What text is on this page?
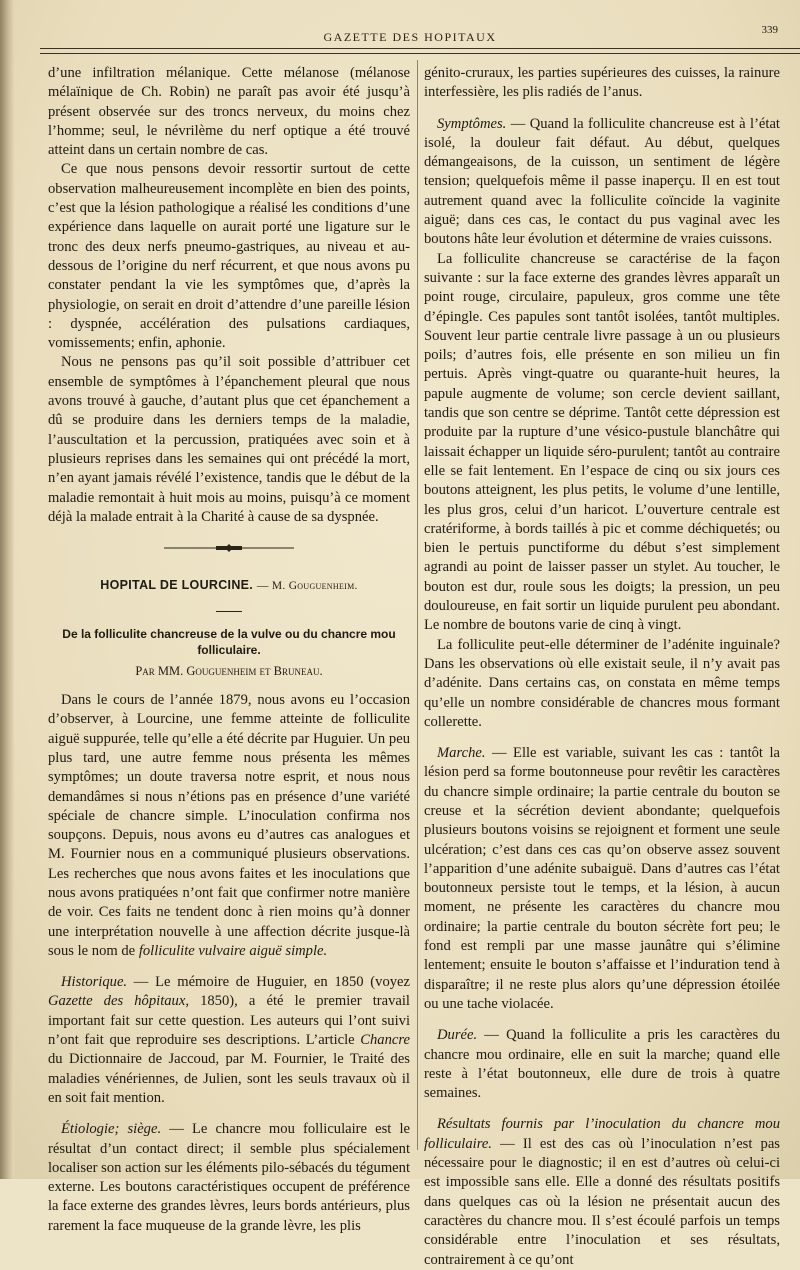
GAZETTE DES HOPITAUX	339

d’une infiltration mélanique. Cette mélanose (mélanose mélaïnique de Ch. Robin) ne paraît pas avoir été jusqu’à présent observée sur des troncs nerveux, du moins chez l’homme; seul, le névrilème du nerf optique a été trouvé atteint dans un certain nombre de cas.

Ce que nous pensons devoir ressortir surtout de cette observation malheureusement incomplète en bien des points, c’est que la lésion pathologique a réalisé les conditions d’une expérience dans laquelle on aurait porté une ligature sur le tronc des deux nerfs pneumo-gastriques, au niveau et au-dessous de l’origine du nerf récurrent, et que nous avons pu constater pendant la vie les symptômes que, d’après la physiologie, on serait en droit d’attendre d’une pareille lésion : dyspnée, accélération des pulsations cardiaques, vomissements; enfin, aphonie.

Nous ne pensons pas qu’il soit possible d’attribuer cet ensemble de symptômes à l’épanchement pleural que nous avons trouvé à gauche, d’autant plus que cet épanchement a dû se produire dans les derniers temps de la maladie, l’auscultation et la percussion, pratiquées avec soin et à plusieurs reprises dans les semaines qui ont précédé la mort, n’en ayant jamais révélé l’existence, tandis que le début de la maladie remontait à huit mois au moins, puisqu’à ce moment déjà la malade entrait à la Charité à cause de sa dyspnée.

HOPITAL DE LOURCINE. — M. Gouguenheim.
De la folliculite chancreuse de la vulve ou du chancre mou folliculaire.
Par MM. Gouguenheim et Bruneau.

Dans le cours de l’année 1879, nous avons eu l’occasion d’observer, à Lourcine, une femme atteinte de folliculite aiguë suppurée, telle qu’elle a été décrite par Huguier. Un peu plus tard, une autre femme nous présenta les mêmes symptômes; un doute traversa notre esprit, et nous nous demandâmes si nous n’étions pas en présence d’une variété spéciale de chancre simple. L’inoculation confirma nos soupçons. Depuis, nous avons eu d’autres cas analogues et M. Fournier nous en a communiqué plusieurs observations. Les recherches que nous avons faites et les inoculations que nous avons pratiquées n’ont fait que confirmer notre manière de voir. Ces faits ne tendent donc à rien moins qu’à donner une interprétation nouvelle à une affection décrite jusque-là sous le nom de folliculite vulvaire aiguë simple.

Historique. — Le mémoire de Huguier, en 1850 (voyez Gazette des hôpitaux, 1850), a été le premier travail important fait sur cette question. Les auteurs qui l’ont suivi n’ont fait que reproduire ses descriptions. L’article Chancre du Dictionnaire de Jaccoud, par M. Fournier, le Traité des maladies vénériennes, de Julien, sont les seuls travaux où il en soit fait mention.

Étiologie; siège. — Le chancre mou folliculaire est le résultat d’un contact direct; il semble plus spécialement localiser son action sur les éléments pilo-sébacés du tégument externe. Les boutons caractéristiques occupent de préférence la face externe des grandes lèvres, leurs bords antérieurs, plus rarement la face muqueuse de la grande lèvre, les plis

génito-cruraux, les parties supérieures des cuisses, la rainure interfessière, les plis radiés de l’anus.

Symptômes. — Quand la folliculite chancreuse est à l’état isolé, la douleur fait défaut. Au début, quelques démangeaisons, de la cuisson, un sentiment de légère tension; quelquefois même il passe inaperçu. Il en est tout autrement quand avec la folliculite coïncide la vaginite aiguë; dans ces cas, le contact du pus vaginal avec les boutons hâte leur évolution et détermine de vraies cuissons.

La folliculite chancreuse se caractérise de la façon suivante : sur la face externe des grandes lèvres apparaît un point rouge, circulaire, papuleux, gros comme une tête d’épingle. Ces papules sont tantôt isolées, tantôt multiples. Souvent leur partie centrale livre passage à un ou plusieurs poils; d’autres fois, elle présente en son milieu un fin pertuis. Après vingt-quatre ou quarante-huit heures, la papule augmente de volume; son cercle devient saillant, tandis que son centre se déprime. Tantôt cette dépression est produite par la rupture d’une vésico-pustule blanchâtre qui laissait échapper un liquide séro-purulent; tantôt au contraire elle se fait lentement. En l’espace de cinq ou six jours ces boutons atteignent, les plus petits, le volume d’une lentille, les plus gros, celui d’un haricot. L’ouverture centrale est cratériforme, à bords taillés à pic et comme déchiquetés; ou bien le pertuis punctiforme du début s’est simplement agrandi au point de laisser passer un stylet. Au toucher, le bouton est dur, roule sous les doigts; la pression, un peu douloureuse, en fait sortir un liquide purulent peu abondant. Le nombre de boutons varie de cinq à vingt.

La folliculite peut-elle déterminer de l’adénite inguinale? Dans les observations où elle existait seule, il n’y avait pas d’adénite. Dans certains cas, on constata en même temps qu’elle un nombre considérable de chancres mous formant collerette.

Marche. — Elle est variable, suivant les cas : tantôt la lésion perd sa forme boutonneuse pour revêtir les caractères du chancre simple ordinaire; la partie centrale du bouton se creuse et la sécrétion devient abondante; quelquefois plusieurs boutons voisins se rejoignent et forment une seule ulcération; c’est dans ces cas qu’on observe assez souvent l’apparition d’une adénite subaiguë. Dans d’autres cas l’état boutonneux persiste tout le temps, et la lésion, à aucun moment, ne présente les caractères du chancre mou ordinaire; la partie centrale du bouton sécrète fort peu; le fond est rempli par une masse jaunâtre qui s’élimine lentement; ensuite le bouton s’affaisse et l’induration tend à disparaître; il ne reste plus alors qu’une dépression étoilée ou une tache violacée.

Durée. — Quand la folliculite a pris les caractères du chancre mou ordinaire, elle en suit la marche; quand elle reste à l’état boutonneux, elle dure de trois à quatre semaines.

Résultats fournis par l’inoculation du chancre mou folliculaire. — Il est des cas où l’inoculation n’est pas nécessaire pour le diagnostic; il en est d’autres où celui-ci est impossible sans elle. Elle a donné des résultats positifs dans quelques cas où la lésion ne présentait aucun des caractères du chancre mou. Il s’est écoulé parfois un temps considérable entre l’inoculation et ses résultats, contrairement à ce qu’ont
